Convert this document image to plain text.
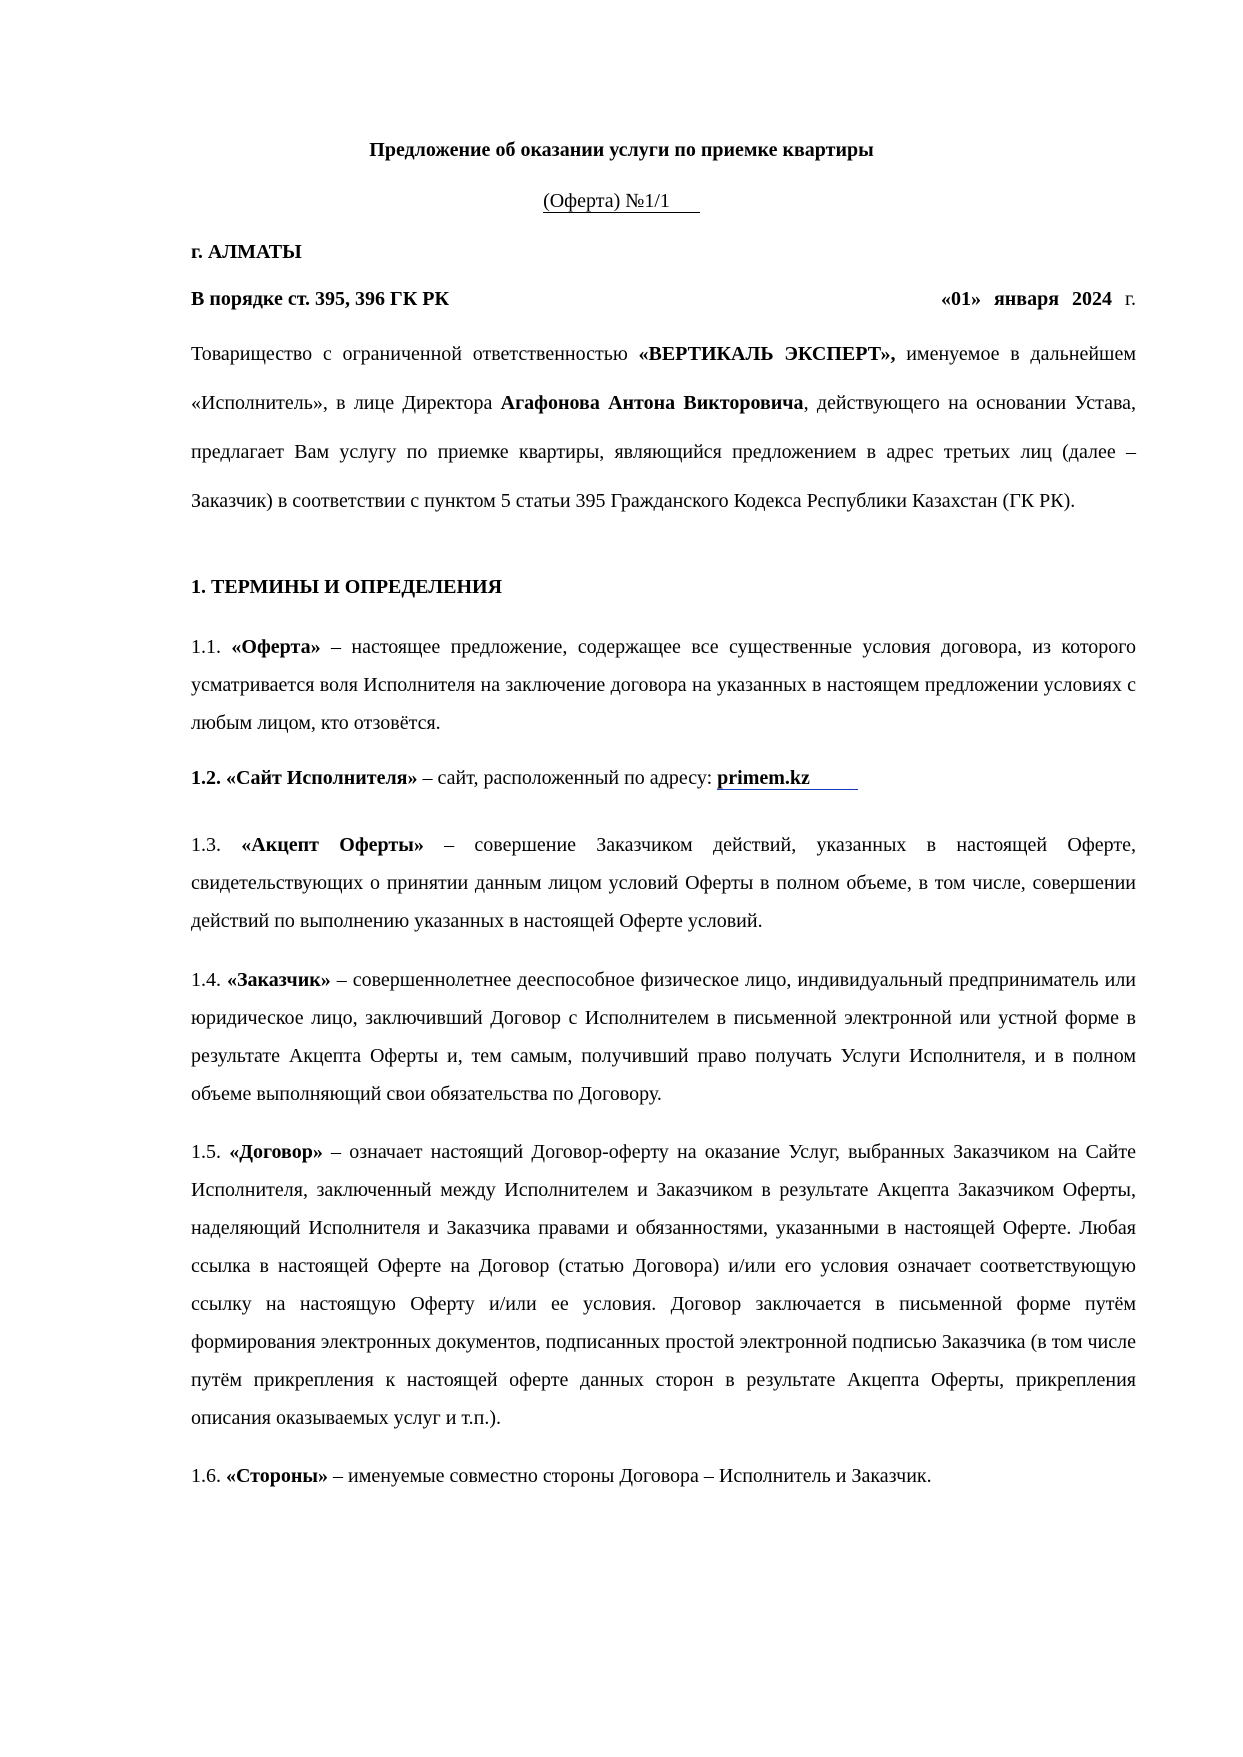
Предложение об оказании услуги по приемке квартиры
(Оферта) №1/1
г. АЛМАТЫ
В порядке ст. 395, 396 ГК РК	«01» января 2024 г.

Товарищество с ограниченной ответственностью «ВЕРТИКАЛЬ ЭКСПЕРТ», именуемое в дальнейшем «Исполнитель», в лице Директора Агафонова Антона Викторовича, действующего на основании Устава, предлагает Вам услугу по приемке квартиры, являющийся предложением в адрес третьих лиц (далее – Заказчик) в соответствии с пунктом 5 статьи 395 Гражданского Кодекса Республики Казахстан (ГК РК).

1. ТЕРМИНЫ И ОПРЕДЕЛЕНИЯ

1.1. «Оферта» – настоящее предложение, содержащее все существенные условия договора, из которого усматривается воля Исполнителя на заключение договора на указанных в настоящем предложении условиях с любым лицом, кто отзовётся.

1.2. «Сайт Исполнителя» – сайт, расположенный по адресу: primem.kz

1.3. «Акцепт Оферты» – совершение Заказчиком действий, указанных в настоящей Оферте, свидетельствующих о принятии данным лицом условий Оферты в полном объеме, в том числе, совершении действий по выполнению указанных в настоящей Оферте условий.

1.4. «Заказчик» – совершеннолетнее дееспособное физическое лицо, индивидуальный предприниматель или юридическое лицо, заключивший Договор с Исполнителем в письменной электронной или устной форме в результате Акцепта Оферты и, тем самым, получивший право получать Услуги Исполнителя, и в полном объеме выполняющий свои обязательства по Договору.

1.5. «Договор» – означает настоящий Договор-оферту на оказание Услуг, выбранных Заказчиком на Сайте Исполнителя, заключенный между Исполнителем и Заказчиком в результате Акцепта Заказчиком Оферты, наделяющий Исполнителя и Заказчика правами и обязанностями, указанными в настоящей Оферте. Любая ссылка в настоящей Оферте на Договор (статью Договора) и/или его условия означает соответствующую ссылку на настоящую Оферту и/или ее условия. Договор заключается в письменной форме путём формирования электронных документов, подписанных простой электронной подписью Заказчика (в том числе путём прикрепления к настоящей оферте данных сторон в результате Акцепта Оферты, прикрепления описания оказываемых услуг и т.п.).

1.6. «Стороны» – именуемые совместно стороны Договора – Исполнитель и Заказчик.
